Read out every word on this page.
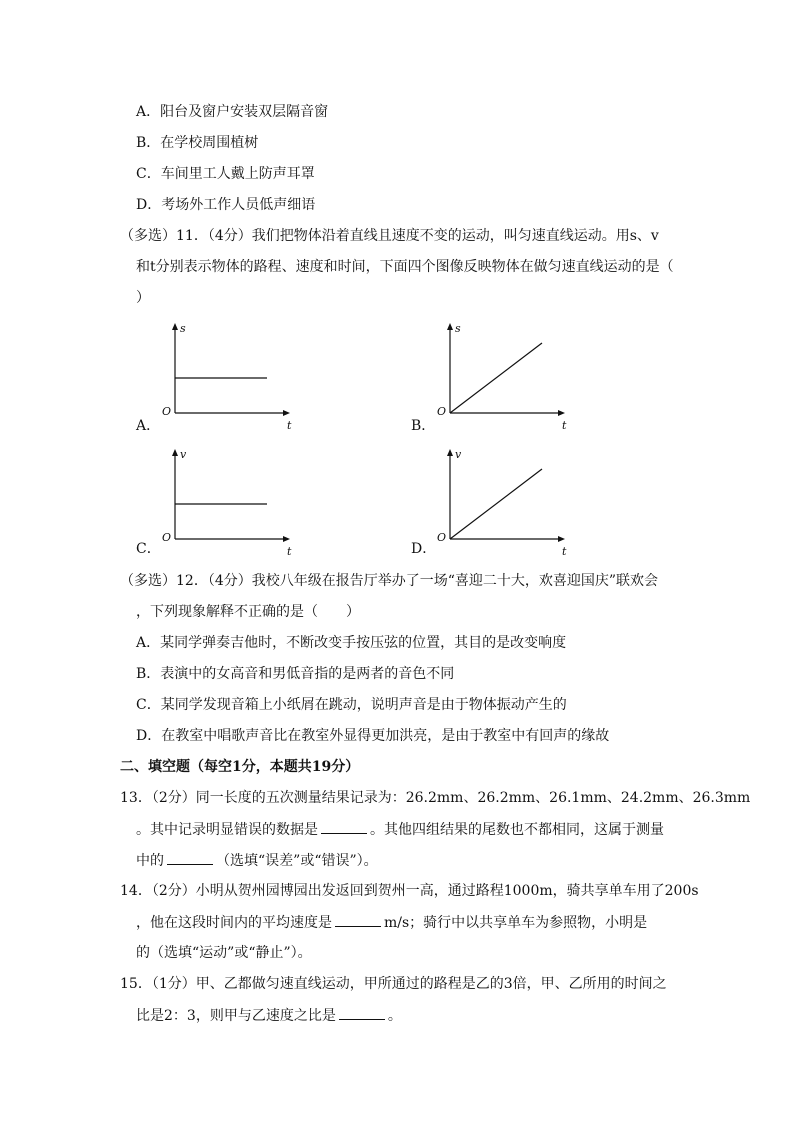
A．阳台及窗户安装双层隔音窗
B．在学校周围植树
C．车间里工人戴上防声耳罩
D．考场外工作人员低声细语
（多选）11．（4分）我们把物体沿着直线且速度不变的运动，叫匀速直线运动。用s、v
和t分别表示物体的路程、速度和时间，下面四个图像反映物体在做匀速直线运动的是（
）
A．	B．
C．	D．
s
t
O
s
t
O
v
t
O
v
t
O
（多选）12．（4分）我校八年级在报告厅举办了一场“喜迎二十大，欢喜迎国庆”联欢会
，下列现象解释不正确的是（　　）
A．某同学弹奏吉他时，不断改变手按压弦的位置，其目的是改变响度
B．表演中的女高音和男低音指的是两者的音色不同
C．某同学发现音箱上小纸屑在跳动，说明声音是由于物体振动产生的
D．在教室中唱歌声音比在教室外显得更加洪亮，是由于教室中有回声的缘故
二、填空题（每空1分，本题共19分）
13．（2分）同一长度的五次测量结果记录为：26.2mm、26.2mm、26.1mm、24.2mm、26.3mm
。其中记录明显错误的数据是	。其他四组结果的尾数也不都相同，这属于测量
中的	（选填“误差”或“错误”）。
14．（2分）小明从贺州园博园出发返回到贺州一高，通过路程1000m，骑共享单车用了200s
，他在这段时间内的平均速度是	m/s；骑行中以共享单车为参照物，小明是
的（选填“运动”或“静止”）。
15．（1分）甲、乙都做匀速直线运动，甲所通过的路程是乙的3倍，甲、乙所用的时间之
比是2：3，则甲与乙速度之比是	。
